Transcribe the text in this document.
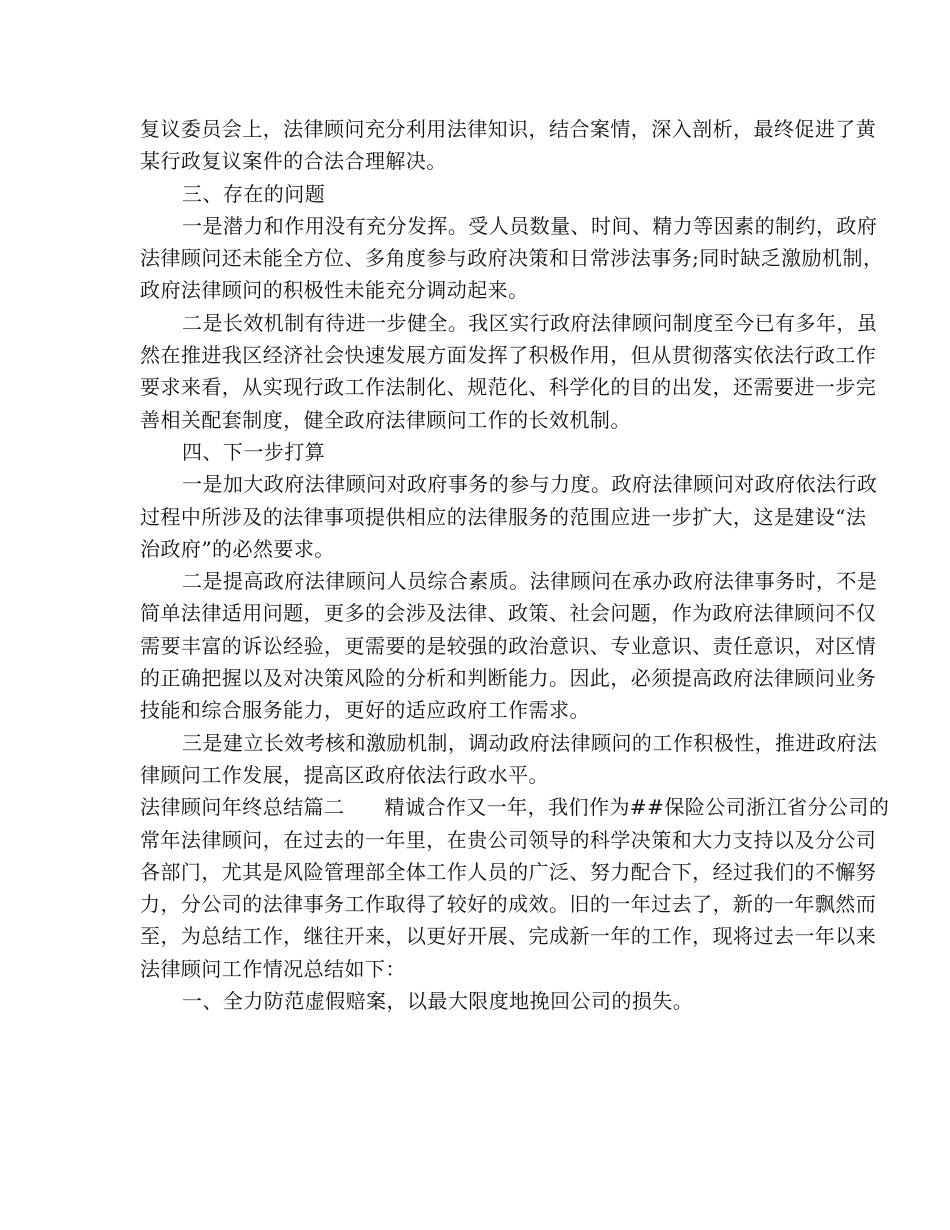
复议委员会上，法律顾问充分利用法律知识，结合案情，深入剖析，最终促进了黄
某行政复议案件的合法合理解决。
三、存在的问题
一是潜力和作用没有充分发挥。受人员数量、时间、精力等因素的制约，政府
法律顾问还未能全方位、多角度参与政府决策和日常涉法事务;同时缺乏激励机制，
政府法律顾问的积极性未能充分调动起来。
二是长效机制有待进一步健全。我区实行政府法律顾问制度至今已有多年，虽
然在推进我区经济社会快速发展方面发挥了积极作用，但从贯彻落实依法行政工作
要求来看，从实现行政工作法制化、规范化、科学化的目的出发，还需要进一步完
善相关配套制度，健全政府法律顾问工作的长效机制。
四、下一步打算
一是加大政府法律顾问对政府事务的参与力度。政府法律顾问对政府依法行政
过程中所涉及的法律事项提供相应的法律服务的范围应进一步扩大，这是建设“法
治政府”的必然要求。
二是提高政府法律顾问人员综合素质。法律顾问在承办政府法律事务时，不是
简单法律适用问题，更多的会涉及法律、政策、社会问题，作为政府法律顾问不仅
需要丰富的诉讼经验，更需要的是较强的政治意识、专业意识、责任意识，对区情
的正确把握以及对决策风险的分析和判断能力。因此，必须提高政府法律顾问业务
技能和综合服务能力，更好的适应政府工作需求。
三是建立长效考核和激励机制，调动政府法律顾问的工作积极性，推进政府法
律顾问工作发展，提高区政府依法行政水平。
法律顾问年终总结篇二 精诚合作又一年，我们作为##保险公司浙江省分公司的
常年法律顾问，在过去的一年里，在贵公司领导的科学决策和大力支持以及分公司
各部门，尤其是风险管理部全体工作人员的广泛、努力配合下，经过我们的不懈努
力，分公司的法律事务工作取得了较好的成效。旧的一年过去了，新的一年飘然而
至，为总结工作，继往开来，以更好开展、完成新一年的工作，现将过去一年以来
法律顾问工作情况总结如下：
一、全力防范虚假赔案，以最大限度地挽回公司的损失。
